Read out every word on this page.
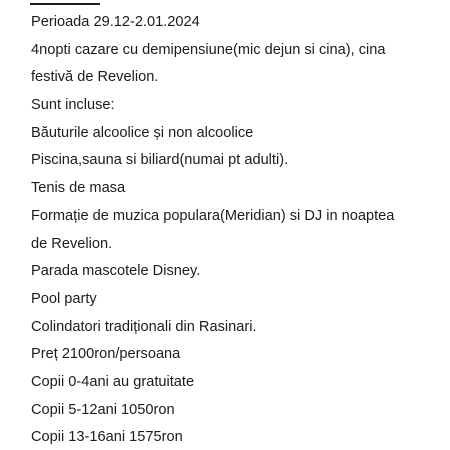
Perioada 29.12-2.01.2024
4nopti cazare cu demipensiune(mic dejun si cina), cina
festivă de Revelion.
Sunt incluse:
Băuturile alcoolice și non alcoolice
Piscina,sauna si biliard(numai pt adulti).
Tenis de masa
Formație de muzica populara(Meridian) si DJ in noaptea
de Revelion.
Parada mascotele Disney.
Pool party
Colindatori tradiționali din Rasinari.
Preț 2100ron/persoana
Copii 0-4ani au gratuitate
Copii 5-12ani 1050ron
Copii 13-16ani 1575ron
